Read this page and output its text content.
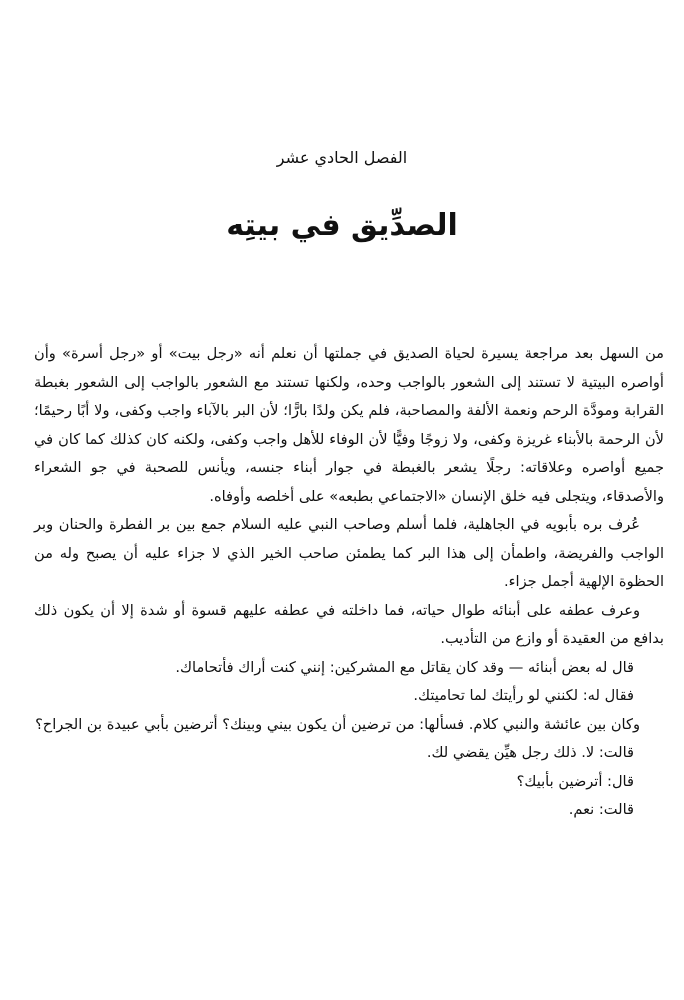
الفصل الحادي عشر
الصدِّيق في بيتِه

من السهل بعد مراجعة يسيرة لحياة الصديق في جملتها أن نعلم أنه «رجل بيت» أو «رجل أسرة» وأن أواصره البيتية لا تستند إلى الشعور بالواجب وحده، ولكنها تستند مع الشعور بالواجب إلى الشعور بغبطة القرابة ومودَّة الرحم ونعمة الألفة والمصاحبة، فلم يكن ولدًا بارًّا؛ لأن البر بالآباء واجب وكفى، ولا أبًا رحيمًا؛ لأن الرحمة بالأبناء غريزة وكفى، ولا زوجًا وفيًّا لأن الوفاء للأهل واجب وكفى، ولكنه كان كذلك كما كان في جميع أواصره وعلاقاته: رجلًا يشعر بالغبطة في جوار أبناء جنسه، ويأنس للصحبة في جو الشعراء والأصدقاء، ويتجلى فيه خلق الإنسان «الاجتماعي بطبعه» على أخلصه وأوفاه.

عُرف بره بأبويه في الجاهلية، فلما أسلم وصاحب النبي عليه السلام جمع بين بر الفطرة والحنان وبر الواجب والفريضة، واطمأن إلى هذا البر كما يطمئن صاحب الخير الذي لا جزاء عليه أن يصبح وله من الحظوة الإلهية أجمل جزاء.

وعرف عطفه على أبنائه طوال حياته، فما داخلته في عطفه عليهم قسوة أو شدة إلا أن يكون ذلك بدافع من العقيدة أو وازع من التأديب.

قال له بعض أبنائه — وقد كان يقاتل مع المشركين: إنني كنت أراك فأتحاماك.

فقال له: لكنني لو رأيتك لما تحاميتك.

وكان بين عائشة والنبي كلام. فسألها: من ترضين أن يكون بيني وبينك؟ أترضين بأبي عبيدة بن الجراح؟

قالت: لا. ذلك رجل هيِّن يقضي لك.

قال: أترضين بأبيك؟

قالت: نعم.
